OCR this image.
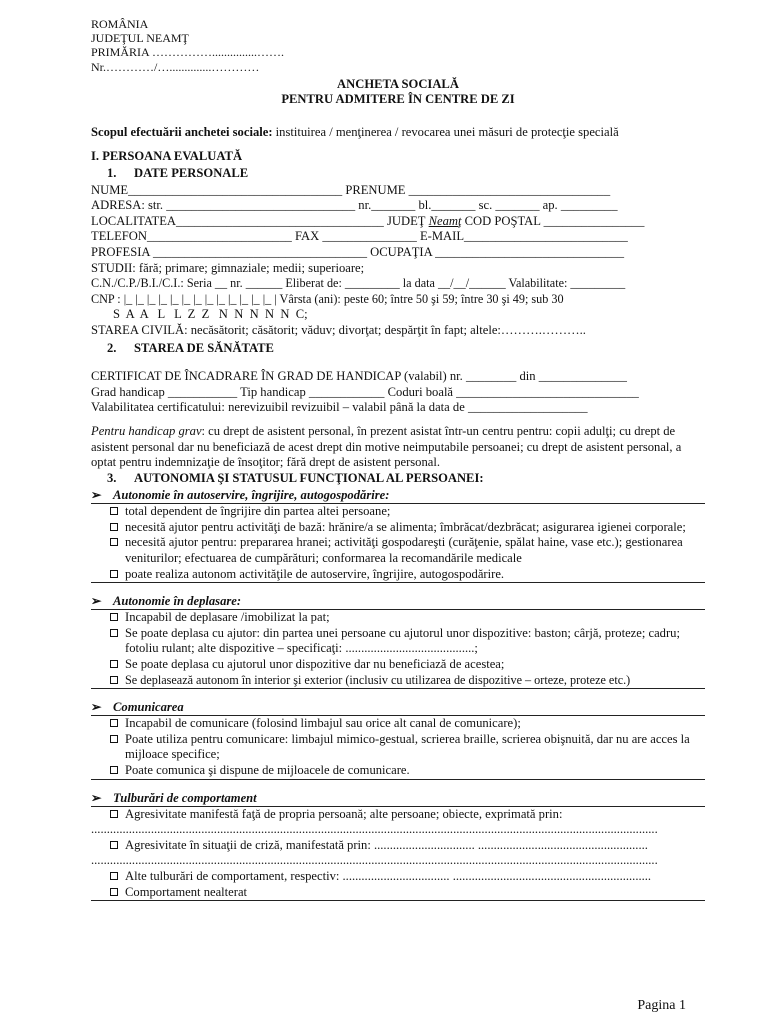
ROMÂNIA
JUDEŢUL NEAMŢ
PRIMĂRIA ……………...............…….
Nr.…………/…..............…………
ANCHETA SOCIALĂ
PENTRU ADMITERE ÎN CENTRE DE ZI
Scopul efectuării anchetei sociale: instituirea / menţinerea / revocarea unei măsuri de protecţie specială
I. PERSOANA EVALUATĂ
1. DATE PERSONALE
NUME__________________________________ PRENUME ________________________________
ADRESA: str. ______________________________ nr._______ bl._______ sc. _______ ap. _________
LOCALITATEA_________________________________ JUDEŢ Neamţ COD POŞTAL ________________
TELEFON_______________________ FAX _______________ E-MAIL__________________________
PROFESIA __________________________________ OCUPAŢIA ______________________________
STUDII: fără; primare; gimnaziale; medii; superioare;
C.N./C.P./B.I./C.I.: Seria __ nr. ______ Eliberat de: _________ la data __/__/______ Valabilitate: _________
CNP : |_ |_ |_ |_ |_ |_ |_ |_ |_ |_ |_ |_ |_ | Vârsta (ani): peste 60; între 50 şi 59; între 30 şi 49; sub 30
S  A  A   L   L  Z  Z   N  N  N  N  N  C;
STAREA CIVILĂ: necăsătorit; căsătorit; văduv; divorţat; despărţit în fapt; altele:……….………..
2. STAREA DE SĂNĂTATE
CERTIFICAT DE ÎNCADRARE ÎN GRAD DE HANDICAP (valabil) nr. ________ din ______________
Grad handicap ___________ Tip handicap ____________ Coduri boală _____________________________
Valabilitatea certificatului: nerevizuibil revizuibil – valabil până la data de ___________________
Pentru handicap grav: cu drept de asistent personal, în prezent asistat într-un centru pentru: copii adulţi; cu drept de asistent personal dar nu beneficiază de acest drept din motive neimputabile persoanei; cu drept de asistent personal, a optat pentru indemnizaţie de însoţitor; fără drept de asistent personal.
3. AUTONOMIA ŞI STATUSUL FUNCŢIONAL AL PERSOANEI:
➢ Autonomie în autoservire, îngrijire, autogospodărire:
total dependent de îngrijire din partea altei persoane;
necesită ajutor pentru activităţi de bază: hrănire/a se alimenta; îmbrăcat/dezbrăcat; asigurarea igienei corporale;
necesită ajutor pentru: prepararea hranei; activităţi gospodareşti (curăţenie, spălat haine, vase etc.); gestionarea veniturilor; efectuarea de cumpărături; conformarea la recomandările medicale
poate realiza autonom activităţile de autoservire, îngrijire, autogospodărire.
➢ Autonomie în deplasare:
Incapabil de deplasare /imobilizat la pat;
Se poate deplasa cu ajutor: din partea unei persoane cu ajutorul unor dispozitive: baston; cârjă, proteze; cadru; fotoliu rulant; alte dispozitive – specificaţi: .........................................;
Se poate deplasa cu ajutorul unor dispozitive dar nu beneficiază de acestea;
Se deplasează autonom în interior şi exterior (inclusiv cu utilizarea de dispozitive – orteze, proteze etc.)
➢ Comunicarea
Incapabil de comunicare (folosind limbajul sau orice alt canal de comunicare);
Poate utiliza pentru comunicare: limbajul mimico-gestual, scrierea braille, scrierea obişnuită, dar nu are acces la mijloace specifice;
Poate comunica şi dispune de mijloacele de comunicare.
➢ Tulburări de comportament
Agresivitate manifestă faţă de propria persoană; alte persoane; obiecte, exprimată prin:
....................................................................................................................................................................................
Agresivitate în situaţii de criză, manifestată prin: ................................ ......................................................
....................................................................................................................................................................................
Alte tulburări de comportament, respectiv: .................................. ...............................................................
Comportament nealterat
Pagina 1
